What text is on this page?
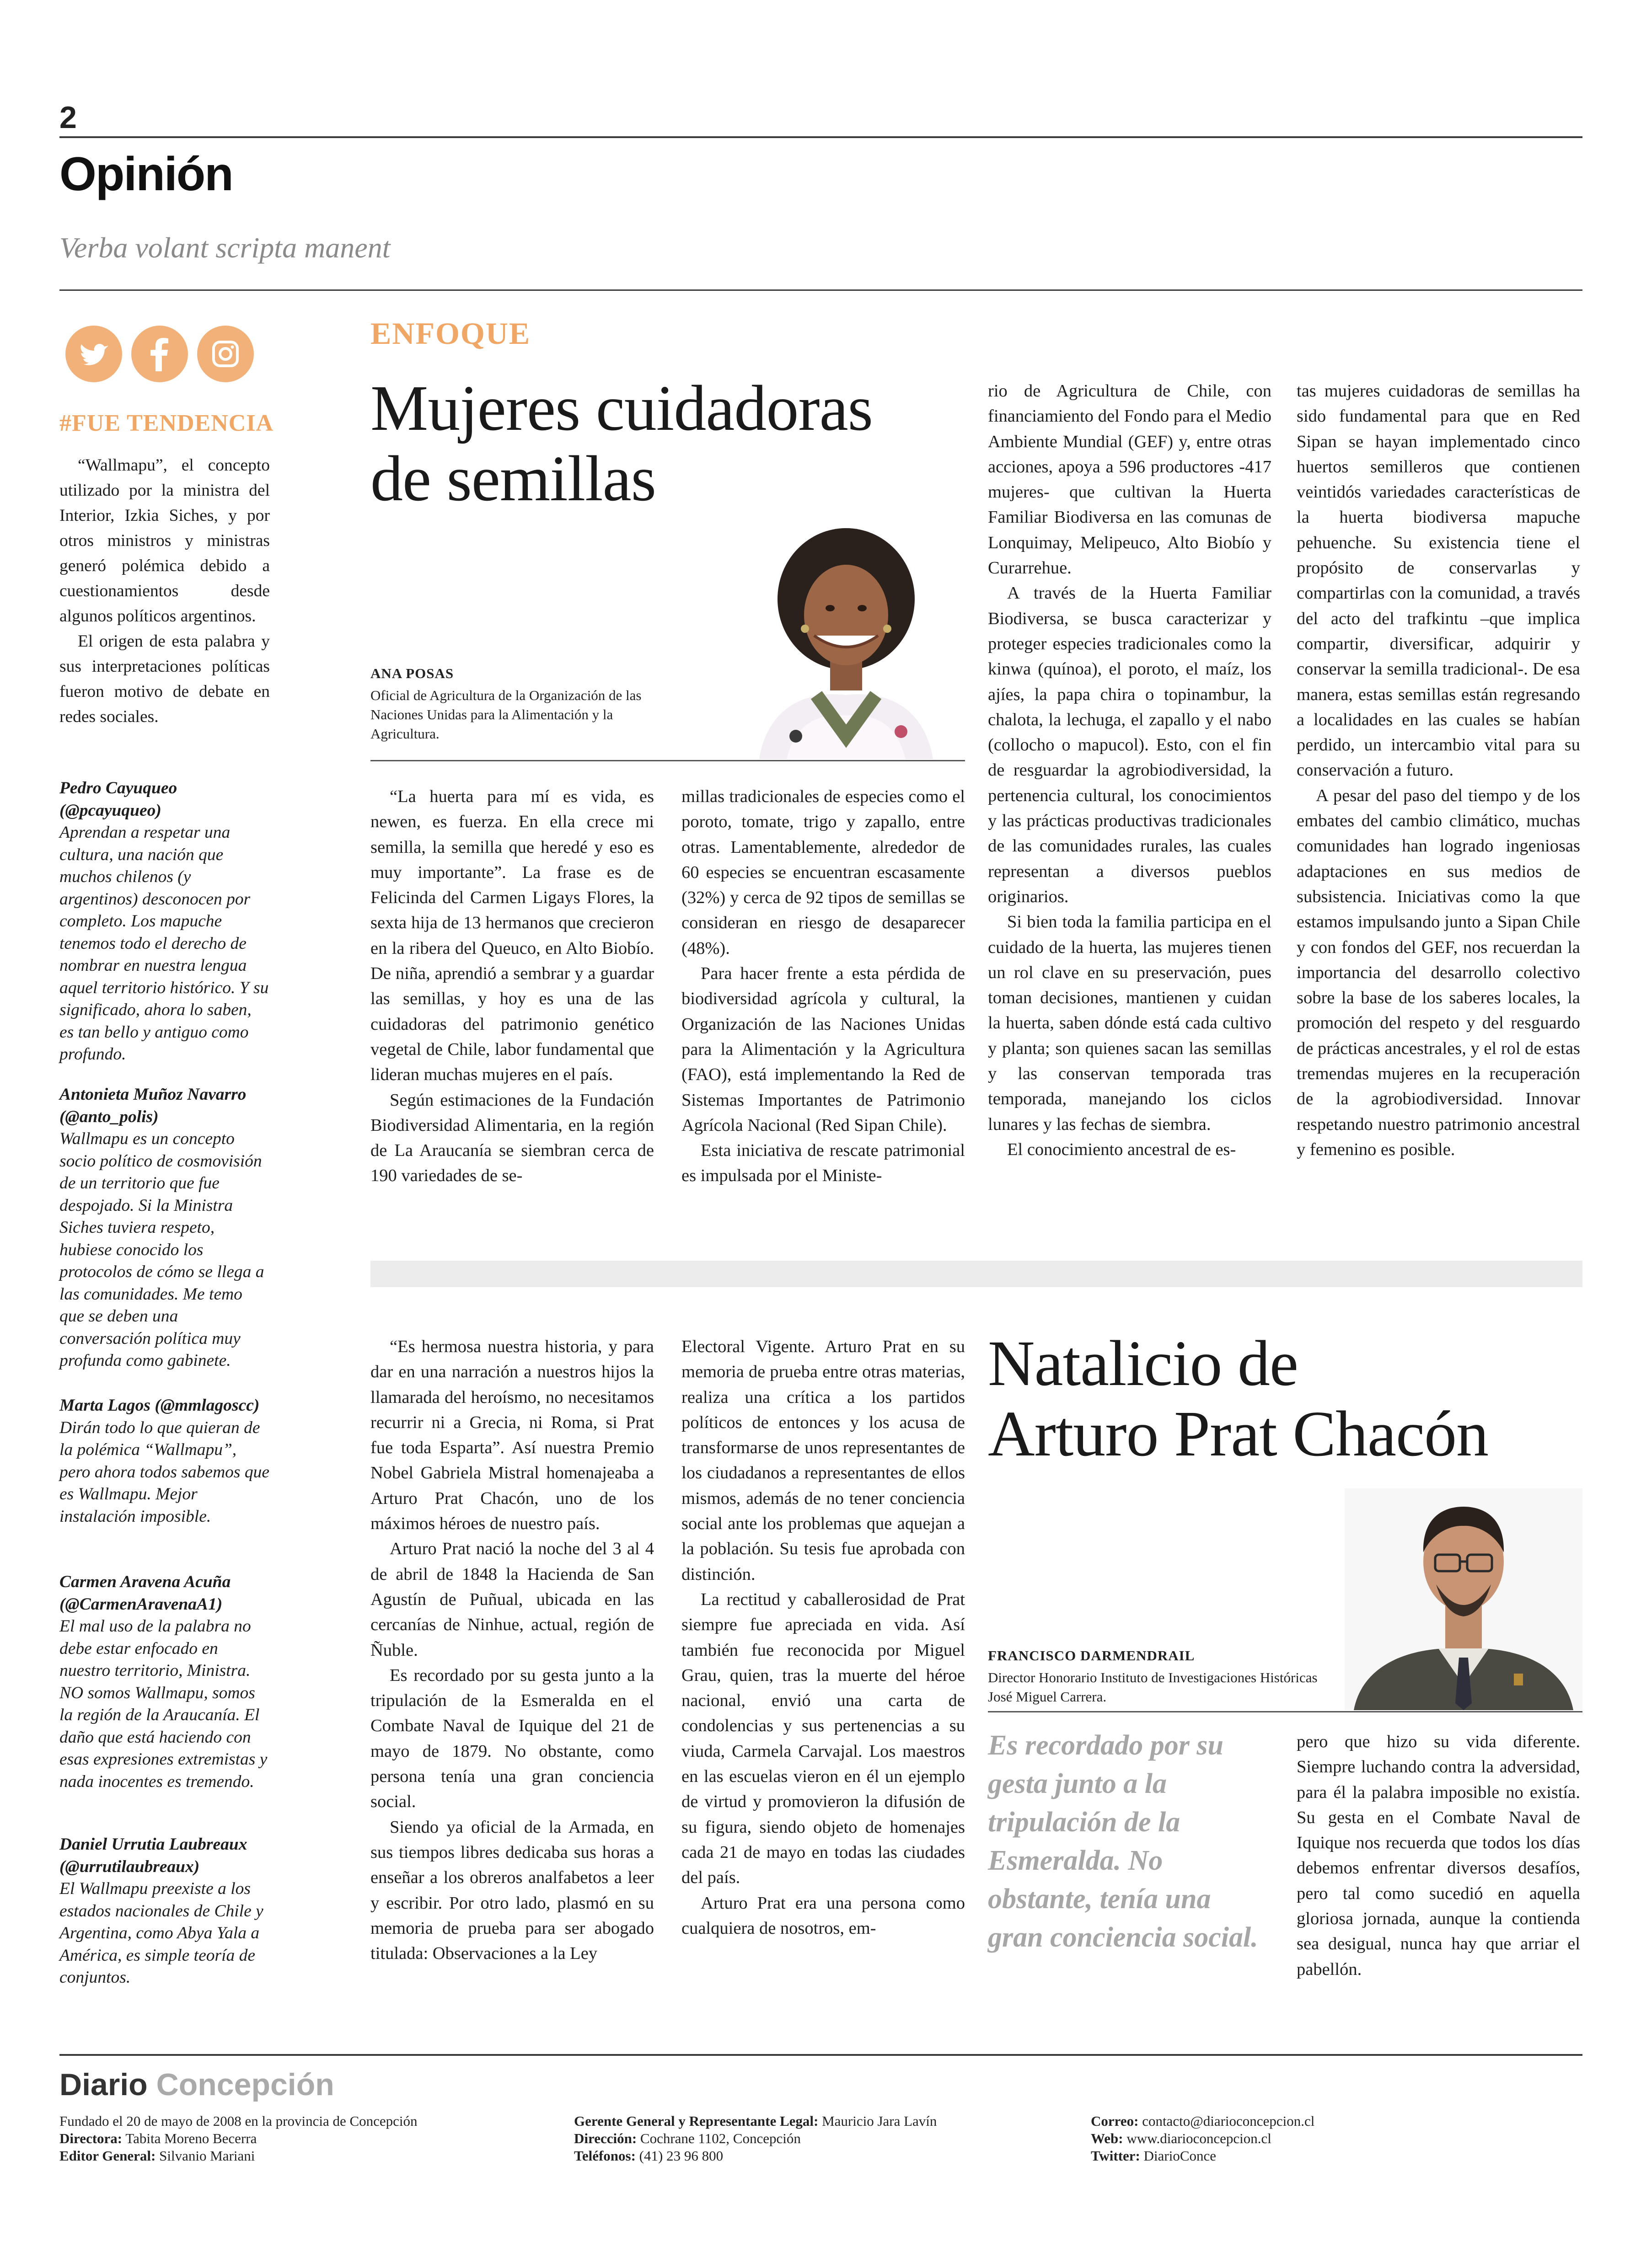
2
Opinión
Verba volant scripta manent
#FUE TENDENCIA

“Wallmapu”, el concepto utilizado por la ministra del Interior, Izkia Siches, y por otros ministros y ministras generó polémica debido a cuestionamientos desde algunos políticos argentinos.

El origen de esta palabra y sus interpretaciones políticas fueron motivo de debate en redes sociales.

Pedro Cayuqueo (@pcayuqueo)
Aprendan a respetar una cultura, una nación que muchos chilenos (y argentinos) desconocen por completo. Los mapuche tenemos todo el derecho de nombrar en nuestra lengua aquel territorio histórico. Y su significado, ahora lo saben, es tan bello y antiguo como profundo.
Antonieta Muñoz Navarro (@anto_polis)
Wallmapu es un concepto socio político de cosmovisión de un territorio que fue despojado. Si la Ministra Siches tuviera respeto, hubiese conocido los protocolos de cómo se llega a las comunidades. Me temo que se deben una conversación política muy profunda como gabinete.
Marta Lagos (@mmlagoscc)
Dirán todo lo que quieran de la polémica “Wallmapu”, pero ahora todos sabemos que es Wallmapu. Mejor instalación imposible.
Carmen Aravena Acuña (@CarmenAravenaA1)
El mal uso de la palabra no debe estar enfocado en nuestro territorio, Ministra. NO somos Wallmapu, somos la región de la Araucanía. El daño que está haciendo con esas expresiones extremistas y nada inocentes es tremendo.
Daniel Urrutia Laubreaux (@urrutilaubreaux)
El Wallmapu preexiste a los estados nacionales de Chile y Argentina, como Abya Yala a América, es simple teoría de conjuntos.
ENFOQUE
Mujeres cuidadoras
de semillas
ANA POSAS
Oficial de Agricultura de la Organización de las Naciones Unidas para la Alimentación y la Agricultura.

“La huerta para mí es vida, es newen, es fuerza. En ella crece mi semilla, la semilla que heredé y eso es muy importante”. La frase es de Felicinda del Carmen Ligays Flores, la sexta hija de 13 hermanos que crecieron en la ribera del Queuco, en Alto Biobío. De niña, aprendió a sembrar y a guardar las semillas, y hoy es una de las cuidadoras del patrimonio genético vegetal de Chile, labor fundamental que lideran muchas mujeres en el país.

Según estimaciones de la Fundación Biodiversidad Alimentaria, en la región de La Araucanía se siembran cerca de 190 variedades de se-

millas tradicionales de especies como el poroto, tomate, trigo y zapallo, entre otras. Lamentablemente, alrededor de 60 especies se encuentran escasamente (32%) y cerca de 92 tipos de semillas se consideran en riesgo de desaparecer (48%).

Para hacer frente a esta pérdida de biodiversidad agrícola y cultural, la Organización de las Naciones Unidas para la Alimentación y la Agricultura (FAO), está implementando la Red de Sistemas Importantes de Patrimonio Agrícola Nacional (Red Sipan Chile).

Esta iniciativa de rescate patrimonial es impulsada por el Ministe-

rio de Agricultura de Chile, con financiamiento del Fondo para el Medio Ambiente Mundial (GEF) y, entre otras acciones, apoya a 596 productores -417 mujeres- que cultivan la Huerta Familiar Biodiversa en las comunas de Lonquimay, Melipeuco, Alto Biobío y Curarrehue.

A través de la Huerta Familiar Biodiversa, se busca caracterizar y proteger especies tradicionales como la kinwa (quínoa), el poroto, el maíz, los ajíes, la papa chira o topinambur, la chalota, la lechuga, el zapallo y el nabo (collocho o mapucol). Esto, con el fin de resguardar la agrobiodiversidad, la pertenencia cultural, los conocimientos y las prácticas productivas tradicionales de las comunidades rurales, las cuales representan a diversos pueblos originarios.

Si bien toda la familia participa en el cuidado de la huerta, las mujeres tienen un rol clave en su preservación, pues toman decisiones, mantienen y cuidan la huerta, saben dónde está cada cultivo y planta; son quienes sacan las semillas y las conservan temporada tras temporada, manejando los ciclos lunares y las fechas de siembra.

El conocimiento ancestral de es-

tas mujeres cuidadoras de semillas ha sido fundamental para que en Red Sipan se hayan implementado cinco huertos semilleros que contienen veintidós variedades características de la huerta biodiversa mapuche pehuenche. Su existencia tiene el propósito de conservarlas y compartirlas con la comunidad, a través del acto del trafkintu –que implica compartir, diversificar, adquirir y conservar la semilla tradicional-. De esa manera, estas semillas están regresando a localidades en las cuales se habían perdido, un intercambio vital para su conservación a futuro.

A pesar del paso del tiempo y de los embates del cambio climático, muchas comunidades han logrado ingeniosas adaptaciones en sus medios de subsistencia. Iniciativas como la que estamos impulsando junto a Sipan Chile y con fondos del GEF, nos recuerdan la importancia del desarrollo colectivo sobre la base de los saberes locales, la promoción del respeto y del resguardo de prácticas ancestrales, y el rol de estas tremendas mujeres en la recuperación de la agrobiodiversidad. Innovar respetando nuestro patrimonio ancestral y femenino es posible.

“Es hermosa nuestra historia, y para dar en una narración a nuestros hijos la llamarada del heroísmo, no necesitamos recurrir ni a Grecia, ni Roma, si Prat fue toda Esparta”. Así nuestra Premio Nobel Gabriela Mistral homenajeaba a Arturo Prat Chacón, uno de los máximos héroes de nuestro país.

Arturo Prat nació la noche del 3 al 4 de abril de 1848 la Hacienda de San Agustín de Puñual, ubicada en las cercanías de Ninhue, actual, región de Ñuble.

Es recordado por su gesta junto a la tripulación de la Esmeralda en el Combate Naval de Iquique del 21 de mayo de 1879. No obstante, como persona tenía una gran conciencia social.

Siendo ya oficial de la Armada, en sus tiempos libres dedicaba sus horas a enseñar a los obreros analfabetos a leer y escribir. Por otro lado, plasmó en su memoria de prueba para ser abogado titulada: Observaciones a la Ley

Electoral Vigente. Arturo Prat en su memoria de prueba entre otras materias, realiza una crítica a los partidos políticos de entonces y los acusa de transformarse de unos representantes de los ciudadanos a representantes de ellos mismos, además de no tener conciencia social ante los problemas que aquejan a la población. Su tesis fue aprobada con distinción.

La rectitud y caballerosidad de Prat siempre fue apreciada en vida. Así también fue reconocida por Miguel Grau, quien, tras la muerte del héroe nacional, envió una carta de condolencias y sus pertenencias a su viuda, Carmela Carvajal. Los maestros en las escuelas vieron en él un ejemplo de virtud y promovieron la difusión de su figura, siendo objeto de homenajes cada 21 de mayo en todas las ciudades del país.

Arturo Prat era una persona como cualquiera de nosotros, em-

Natalicio de
Arturo Prat Chacón
FRANCISCO DARMENDRAIL
Director Honorario Instituto de Investigaciones Históricas José Miguel Carrera.
Es recordado por su gesta junto a la tripulación de la Esmeralda. No obstante, tenía una gran conciencia social.

pero que hizo su vida diferente. Siempre luchando contra la adversidad, para él la palabra imposible no existía. Su gesta en el Combate Naval de Iquique nos recuerda que todos los días debemos enfrentar diversos desafíos, pero tal como sucedió en aquella gloriosa jornada, aunque la contienda sea desigual, nunca hay que arriar el pabellón.

Diario Concepción
Fundado el 20 de mayo de 2008 en la provincia de Concepción
Directora: Tabita Moreno Becerra
Editor General: Silvanio Mariani
Gerente General y Representante Legal: Mauricio Jara Lavín
Dirección: Cochrane 1102, Concepción
Teléfonos: (41) 23 96 800
Correo: contacto@diarioconcepcion.cl
Web: www.diarioconcepcion.cl
Twitter: DiarioConce
